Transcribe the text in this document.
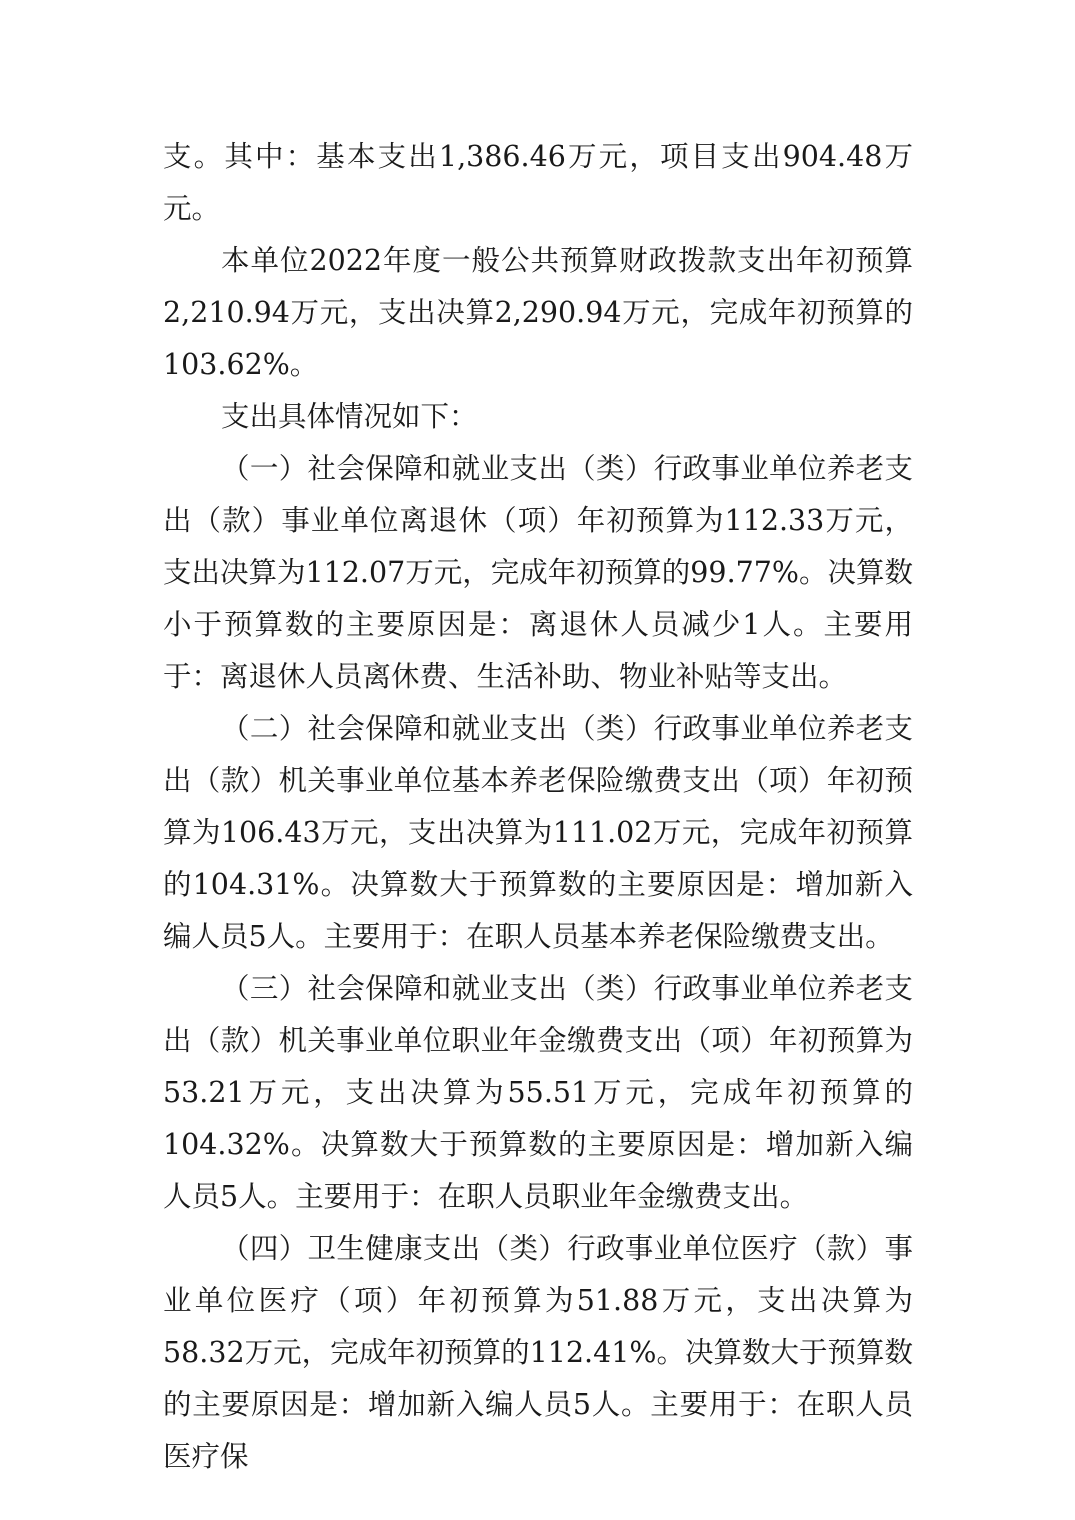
支。其中：基本支出1,386.46万元，项目支出904.48万元。

本单位2022年度一般公共预算财政拨款支出年初预算2,210.94万元，支出决算2,290.94万元，完成年初预算的103.62%。

支出具体情况如下：

（一）社会保障和就业支出（类）行政事业单位养老支出（款）事业单位离退休（项）年初预算为112.33万元，支出决算为112.07万元，完成年初预算的99.77%。决算数小于预算数的主要原因是：离退休人员减少1人。主要用于：离退休人员离休费、生活补助、物业补贴等支出。

（二）社会保障和就业支出（类）行政事业单位养老支出（款）机关事业单位基本养老保险缴费支出（项）年初预算为106.43万元，支出决算为111.02万元，完成年初预算的104.31%。决算数大于预算数的主要原因是：增加新入编人员5人。主要用于：在职人员基本养老保险缴费支出。

（三）社会保障和就业支出（类）行政事业单位养老支出（款）机关事业单位职业年金缴费支出（项）年初预算为53.21万元，支出决算为55.51万元，完成年初预算的104.32%。决算数大于预算数的主要原因是：增加新入编人员5人。主要用于：在职人员职业年金缴费支出。

（四）卫生健康支出（类）行政事业单位医疗（款）事业单位医疗（项）年初预算为51.88万元，支出决算为58.32万元，完成年初预算的112.41%。决算数大于预算数的主要原因是：增加新入编人员5人。主要用于：在职人员医疗保
